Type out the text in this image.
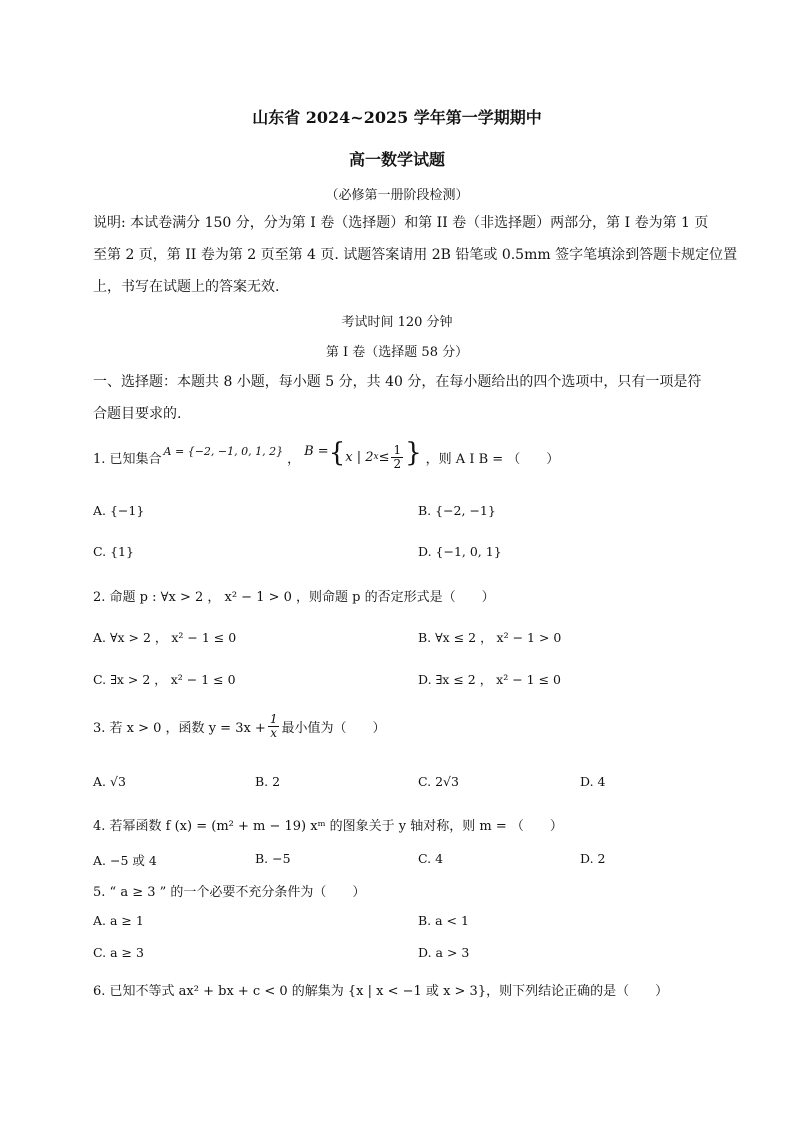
山东省 2024~2025 学年第一学期期中
高一数学试题
（必修第一册阶段检测）
说明: 本试卷满分 150 分，分为第 I 卷（选择题）和第 II 卷（非选择题）两部分，第 I 卷为第 1 页
至第 2 页，第 II 卷为第 2 页至第 4 页. 试题答案请用 2B 铅笔或 0.5mm 签字笔填涂到答题卡规定位置
上，书写在试题上的答案无效.
考试时间 120 分钟
第 I 卷（选择题 58 分）
一、选择题：本题共 8 小题，每小题 5 分，共 40 分，在每小题给出的四个选项中，只有一项是符
合题目要求的.
1. 已知集合
A = {−2, −1, 0, 1, 2}
，
B = { x | 2 $x \le \frac{1}{2}$ } ，则 A I B = （　　）
A. {−1}	B. {−2, −1}
C. {1}	D. {−1, 0, 1}
2. 命题 p : ∀x > 2 ， x² − 1 > 0 ，则命题 p 的否定形式是（　　）
A. ∀x > 2 ， x² − 1 ≤ 0	B. ∀x ≤ 2 ， x² − 1 > 0
C. ∃x > 2 ， x² − 1 ≤ 0	D. ∃x ≤ 2 ， x² − 1 ≤ 0
3. 若 x > 0 ，函数 $y = 3x + \frac{1}{x}$ 最小值为（　　）
A. √3	B. 2	C. 2√3	D. 4
4. 若幂函数 f (x) = (m² + m − 19) xᵐ 的图象关于 y 轴对称，则 m = （　　）
A. −5 或 4	B. −5	C. 4	D. 2
5. “ a ≥ 3 ” 的一个必要不充分条件为（　　）
A. a ≥ 1	B. a < 1
C. a ≥ 3	D. a > 3
6. 已知不等式 ax² + bx + c < 0 的解集为 {x | x < −1 或 x > 3}，则下列结论正确的是（　　）
